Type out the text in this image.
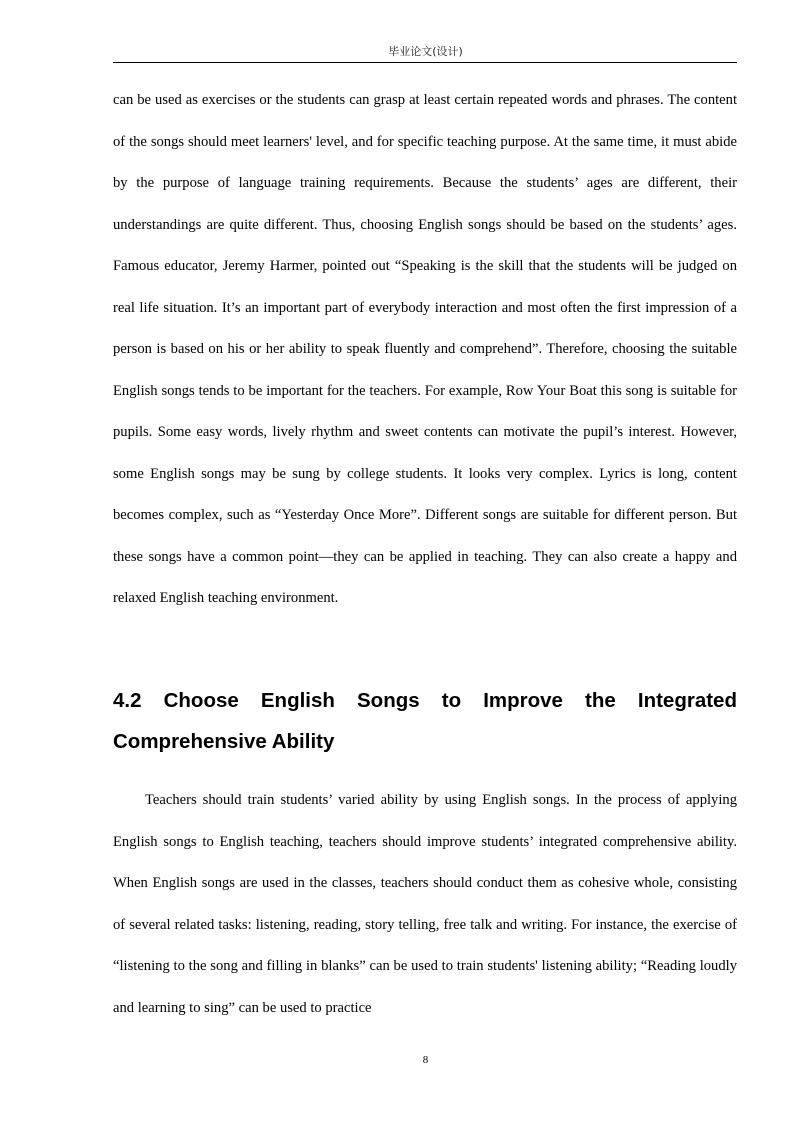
毕业论文(设计)

can be used as exercises or the students can grasp at least certain repeated words and phrases. The content of the songs should meet learners' level, and for specific teaching purpose. At the same time, it must abide by the purpose of language training requirements. Because the students’ ages are different, their understandings are quite different. Thus, choosing English songs should be based on the students’ ages. Famous educator, Jeremy Harmer, pointed out “Speaking is the skill that the students will be judged on real life situation. It’s an important part of everybody interaction and most often the first impression of a person is based on his or her ability to speak fluently and comprehend”. Therefore, choosing the suitable English songs tends to be important for the teachers. For example, Row Your Boat this song is suitable for pupils. Some easy words, lively rhythm and sweet contents can motivate the pupil’s interest. However, some English songs may be sung by college students. It looks very complex. Lyrics is long, content becomes complex, such as “Yesterday Once More”. Different songs are suitable for different person. But these songs have a common point—they can be applied in teaching. They can also create a happy and relaxed English teaching environment.

4.2 Choose English Songs to Improve the Integrated Comprehensive Ability

Teachers should train students’ varied ability by using English songs. In the process of applying English songs to English teaching, teachers should improve students’ integrated comprehensive ability. When English songs are used in the classes, teachers should conduct them as cohesive whole, consisting of several related tasks: listening, reading, story telling, free talk and writing. For instance, the exercise of “listening to the song and filling in blanks” can be used to train students' listening ability; “Reading loudly and learning to sing” can be used to practice

8
